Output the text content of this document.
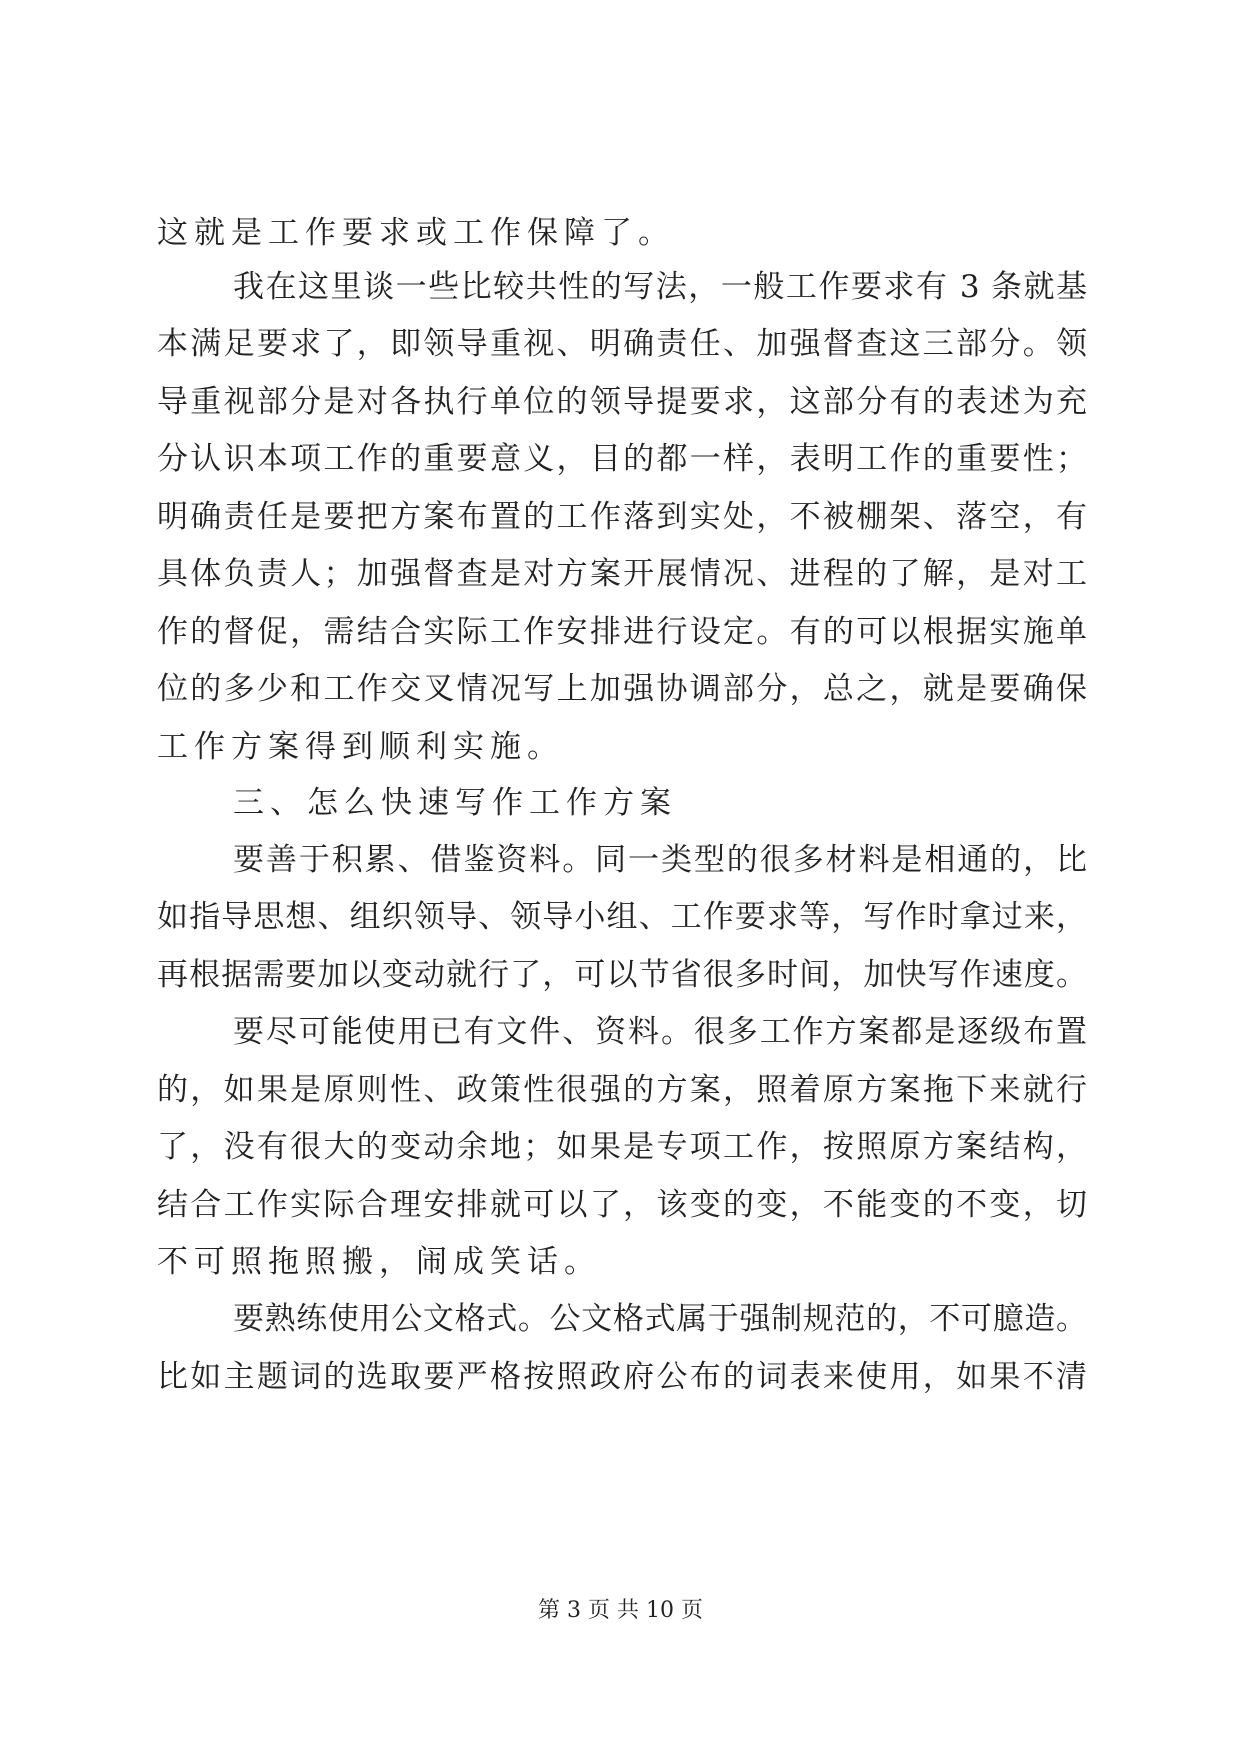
这就是工作要求或工作保障了。
我在这里谈一些比较共性的写法，一般工作要求有 3 条就基
本满足要求了，即领导重视、明确责任、加强督查这三部分。领
导重视部分是对各执行单位的领导提要求，这部分有的表述为充
分认识本项工作的重要意义，目的都一样，表明工作的重要性；
明确责任是要把方案布置的工作落到实处，不被棚架、落空，有
具体负责人；加强督查是对方案开展情况、进程的了解，是对工
作的督促，需结合实际工作安排进行设定。有的可以根据实施单
位的多少和工作交叉情况写上加强协调部分，总之，就是要确保
工作方案得到顺利实施。
三、怎么快速写作工作方案
要善于积累、借鉴资料。同一类型的很多材料是相通的，比
如指导思想、组织领导、领导小组、工作要求等，写作时拿过来，
再根据需要加以变动就行了，可以节省很多时间，加快写作速度。
要尽可能使用已有文件、资料。很多工作方案都是逐级布置
的，如果是原则性、政策性很强的方案，照着原方案拖下来就行
了，没有很大的变动余地；如果是专项工作，按照原方案结构，
结合工作实际合理安排就可以了，该变的变，不能变的不变，切
不可照拖照搬，闹成笑话。
要熟练使用公文格式。公文格式属于强制规范的，不可臆造。
比如主题词的选取要严格按照政府公布的词表来使用，如果不清
第 3 页 共 10 页
